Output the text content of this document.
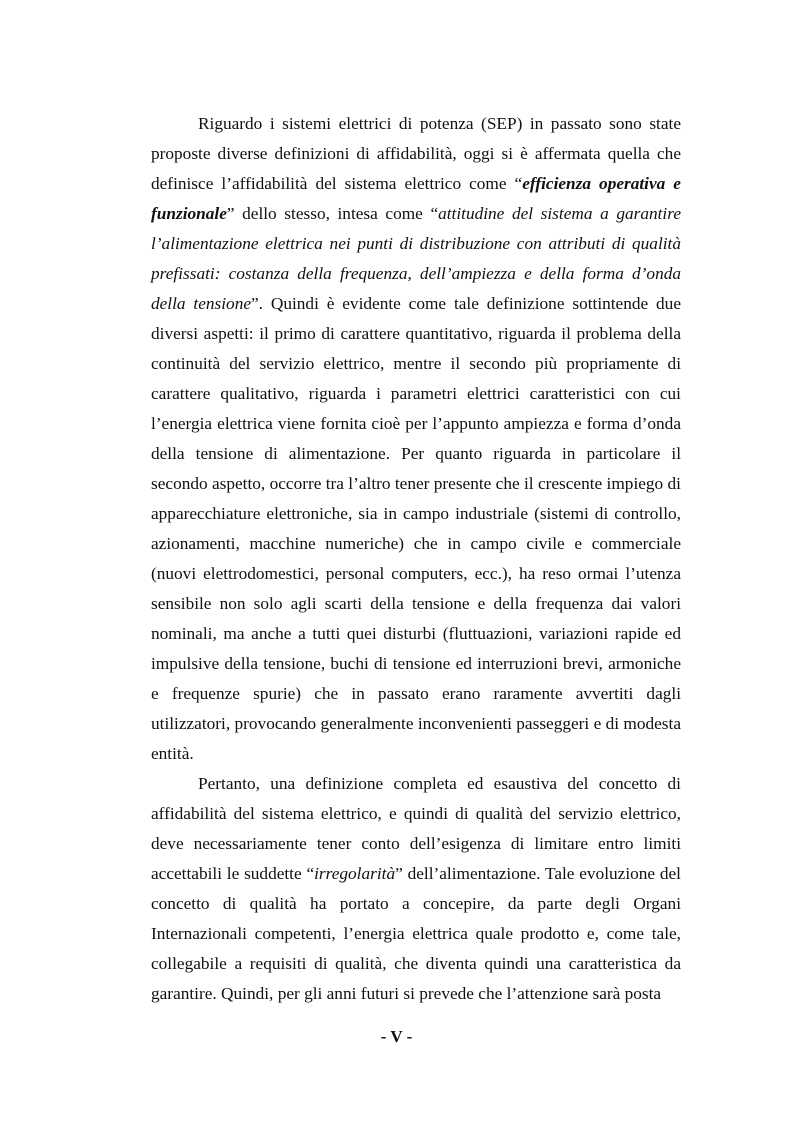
Riguardo i sistemi elettrici di potenza (SEP) in passato sono state proposte diverse definizioni di affidabilità, oggi si è affermata quella che definisce l’affidabilità del sistema elettrico come “efficienza operativa e funzionale” dello stesso, intesa come “attitudine del sistema a garantire l’alimentazione elettrica nei punti di distribuzione con attributi di qualità prefissati: costanza della frequenza, dell’ampiezza e della forma d’onda della tensione”. Quindi è evidente come tale definizione sottintende due diversi aspetti: il primo di carattere quantitativo, riguarda il problema della continuità del servizio elettrico, mentre il secondo più propriamente di carattere qualitativo, riguarda i parametri elettrici caratteristici con cui l’energia elettrica viene fornita cioè per l’appunto ampiezza e forma d’onda della tensione di alimentazione. Per quanto riguarda in particolare il secondo aspetto, occorre tra l’altro tener presente che il crescente impiego di apparecchiature elettroniche, sia in campo industriale (sistemi di controllo, azionamenti, macchine numeriche) che in campo civile e commerciale (nuovi elettrodomestici, personal computers, ecc.), ha reso ormai l’utenza sensibile non solo agli scarti della tensione e della frequenza dai valori nominali, ma anche a tutti quei disturbi (fluttuazioni, variazioni rapide ed impulsive della tensione, buchi di tensione ed interruzioni brevi, armoniche e frequenze spurie) che in passato erano raramente avvertiti dagli utilizzatori, provocando generalmente inconvenienti passeggeri e di modesta entità.

Pertanto, una definizione completa ed esaustiva del concetto di affidabilità del sistema elettrico, e quindi di qualità del servizio elettrico, deve necessariamente tener conto dell’esigenza di limitare entro limiti accettabili le suddette “irregolarità” dell’alimentazione. Tale evoluzione del concetto di qualità ha portato a concepire, da parte degli Organi Internazionali competenti, l’energia elettrica quale prodotto e, come tale, collegabile a requisiti di qualità, che diventa quindi una caratteristica da garantire. Quindi, per gli anni futuri si prevede che l’attenzione sarà posta

- V -
